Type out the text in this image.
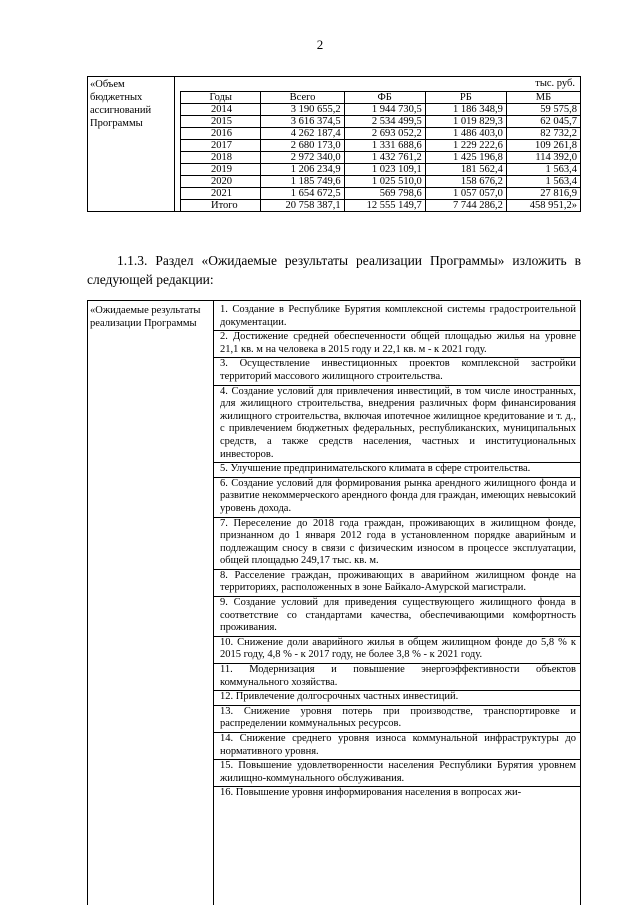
2
«Объем бюджетных ассигнований Программы
тыс. руб.
Годы	Всего	ФБ	РБ	МБ
2014	3 190 655,2	1 944 730,5	1 186 348,9	59 575,8
2015	3 616 374,5	2 534 499,5	1 019 829,3	62 045,7
2016	4 262 187,4	2 693 052,2	1 486 403,0	82 732,2
2017	2 680 173,0	1 331 688,6	1 229 222,6	109 261,8
2018	2 972 340,0	1 432 761,2	1 425 196,8	114 392,0
2019	1 206 234,9	1 023 109,1	181 562,4	1 563,4
2020	1 185 749,6	1 025 510,0	158 676,2	1 563,4
2021	1 654 672,5	569 798,6	1 057 057,0	27 816,9
Итого	20 758 387,1	12 555 149,7	7 744 286,2	458 951,2»
1.1.3. Раздел «Ожидаемые результаты реализации Программы» изложить в следующей редакции:
«Ожидаемые результаты реализации Программы
1. Создание в Республике Бурятия комплексной системы градостроительной документации.
2. Достижение средней обеспеченности общей площадью жилья на уровне 21,1 кв. м на человека в 2015 году и 22,1 кв. м - к 2021 году.
3. Осуществление инвестиционных проектов комплексной застройки территорий массового жилищного строительства.
4. Создание условий для привлечения инвестиций, в том числе иностранных, для жилищного строительства, внедрения различных форм финансирования жилищного строительства, включая ипотечное жилищное кредитование и т. д., с привлечением бюджетных федеральных, республиканских, муниципальных средств, а также средств населения, частных и институциональных инвесторов.
5. Улучшение предпринимательского климата в сфере строительства.
6. Создание условий для формирования рынка арендного жилищного фонда и развитие некоммерческого арендного фонда для граждан, имеющих невысокий уровень дохода.
7. Переселение до 2018 года граждан, проживающих в жилищном фонде, признанном до 1 января 2012 года в установленном порядке аварийным и подлежащим сносу в связи с физическим износом в процессе эксплуатации, общей площадью 249,17 тыс. кв. м.
8. Расселение граждан, проживающих в аварийном жилищном фонде на территориях, расположенных в зоне Байкало-Амурской магистрали.
9. Создание условий для приведения существующего жилищного фонда в соответствие со стандартами качества, обеспечивающими комфортность проживания.
10. Снижение доли аварийного жилья в общем жилищном фонде до 5,8 % к 2015 году, 4,8 % - к 2017 году, не более 3,8 % - к 2021 году.
11. Модернизация и повышение энергоэффективности объектов коммунального хозяйства.
12. Привлечение долгосрочных частных инвестиций.
13. Снижение уровня потерь при производстве, транспортировке и распределении коммунальных ресурсов.
14. Снижение среднего уровня износа коммунальной инфраструктуры до нормативного уровня.
15. Повышение удовлетворенности населения Республики Бурятия уровнем жилищно-коммунального обслуживания.
16. Повышение уровня информирования населения в вопросах жи-
